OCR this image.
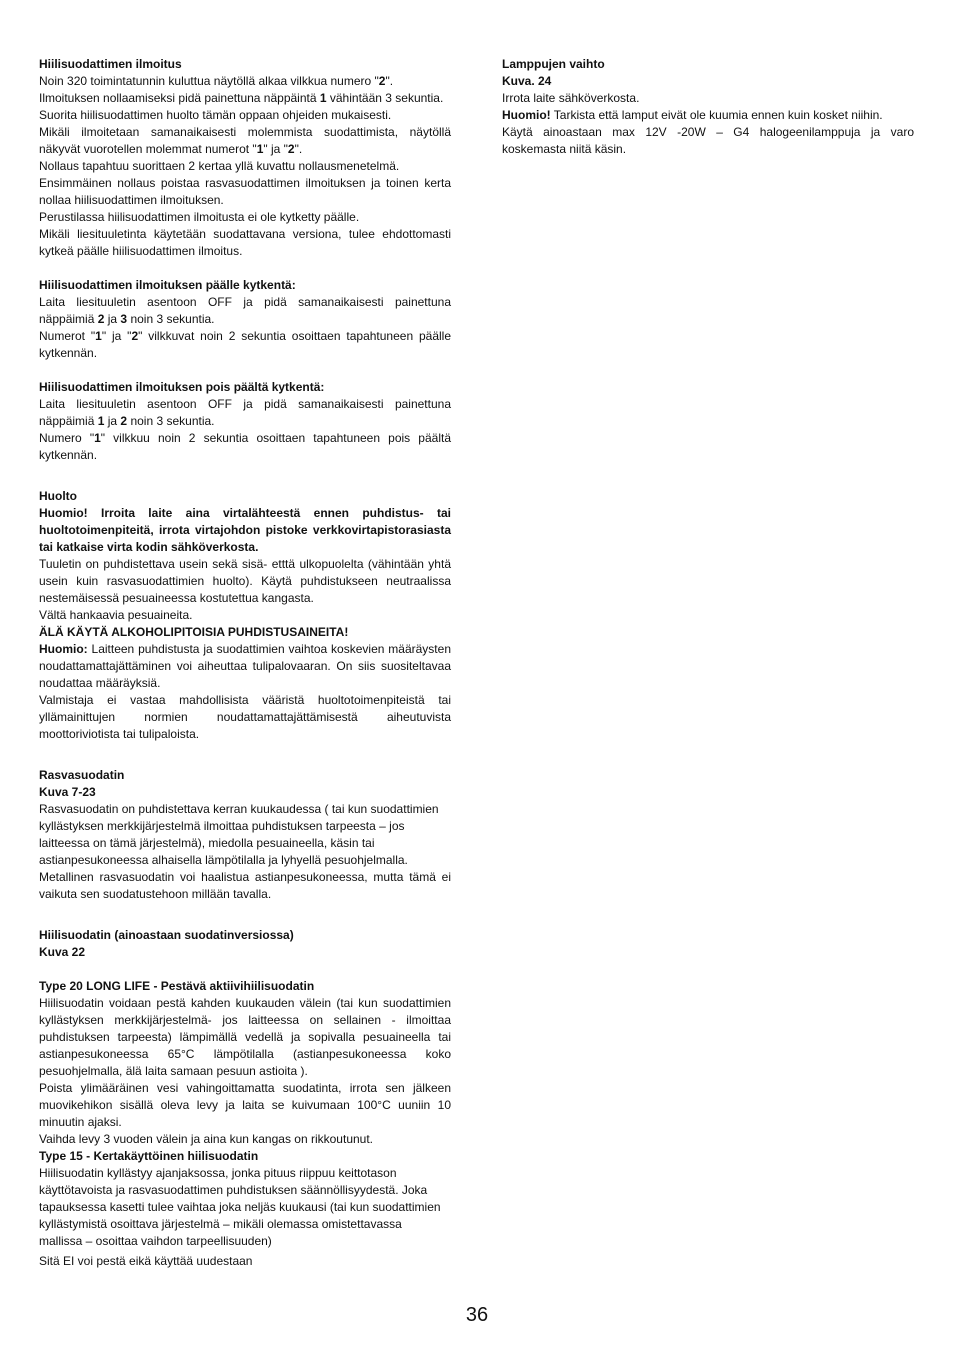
Hiilisuodattimen ilmoitus

Noin 320 toimintatunnin kuluttua näytöllä alkaa vilkkua numero "2".

Ilmoituksen nollaamiseksi pidä painettuna näppäintä 1 vähintään 3 sekuntia.

Suorita hiilisuodattimen huolto tämän oppaan ohjeiden mukaisesti.

Mikäli ilmoitetaan samanaikaisesti molemmista suodattimista, näytöllä näkyvät vuorotellen molemmat numerot "1" ja "2".

Nollaus tapahtuu suorittaen 2 kertaa yllä kuvattu nollausmenetelmä.

Ensimmäinen nollaus poistaa rasvasuodattimen ilmoituksen ja toinen kerta nollaa hiilisuodattimen ilmoituksen.

Perustilassa hiilisuodattimen ilmoitusta ei ole kytketty päälle.

Mikäli liesituuletinta käytetään suodattavana versiona, tulee ehdottomasti kytkeä päälle hiilisuodattimen ilmoitus.

Hiilisuodattimen ilmoituksen päälle kytkentä:

Laita liesituuletin asentoon OFF ja pidä samanaikaisesti painettuna näppäimiä 2 ja 3 noin 3 sekuntia.

Numerot "1" ja "2" vilkkuvat noin 2 sekuntia osoittaen tapahtuneen päälle kytkennän.

Hiilisuodattimen ilmoituksen pois päältä kytkentä:

Laita liesituuletin asentoon OFF ja pidä samanaikaisesti painettuna näppäimiä 1 ja 2 noin 3 sekuntia.

Numero "1" vilkkuu noin 2 sekuntia osoittaen tapahtuneen pois päältä kytkennän.

Huolto

Huomio! Irroita laite aina virtalähteestä ennen puhdistus- tai huoltotoimenpiteitä, irrota virtajohdon pistoke verkkovirtapistorasiasta tai katkaise virta kodin sähköverkosta.

Tuuletin on puhdistettava usein sekä sisä- etttä ulkopuolelta (vähintään yhtä usein kuin rasvasuodattimien huolto). Käytä puhdistukseen neutraalissa nestemäisessä pesuaineessa kostutettua kangasta.

Vältä hankaavia pesuaineita.

ÄLÄ KÄYTÄ ALKOHOLIPITOISIA PUHDISTUSAINEITA!

Huomio: Laitteen puhdistusta ja suodattimien vaihtoa koskevien määräysten noudattamattajättäminen voi aiheuttaa tulipalovaaran. On siis suositeltavaa noudattaa määräyksiä.

Valmistaja ei vastaa mahdollisista vääristä huoltotoimenpiteistä tai yllämainittujen normien noudattamattajättämisestä aiheutuvista moottoriviotista tai tulipaloista.

Rasvasuodatin

Kuva 7-23

Rasvasuodatin on puhdistettava kerran kuukaudessa ( tai kun suodattimien kyllästyksen merkkijärjestelmä ilmoittaa puhdistuksen tarpeesta – jos laitteessa on tämä järjestelmä), miedolla pesuaineella, käsin tai astianpesukoneessa alhaisella lämpötilalla ja lyhyellä pesuohjelmalla.

Metallinen rasvasuodatin voi haalistua astianpesukoneessa, mutta tämä ei vaikuta sen suodatustehoon millään tavalla.

Hiilisuodatin (ainoastaan suodatinversiossa)

Kuva 22

Type 20 LONG LIFE - Pestävä aktiivihiilisuodatin

Hiilisuodatin voidaan pestä kahden kuukauden välein (tai kun suodattimien kyllästyksen merkkijärjestelmä- jos laitteessa on sellainen - ilmoittaa puhdistuksen tarpeesta) lämpimällä vedellä ja sopivalla pesuaineella tai astianpesukoneessa 65°C lämpötilalla (astianpesukoneessa koko pesuohjelmalla, älä laita samaan pesuun astioita ).

Poista ylimääräinen vesi vahingoittamatta suodatinta, irrota sen jälkeen muovikehikon sisällä oleva levy ja laita se kuivumaan 100°C uuniin 10 minuutin ajaksi.

Vaihda levy 3 vuoden välein ja aina kun kangas on rikkoutunut.

Type 15 - Kertakäyttöinen hiilisuodatin

Hiilisuodatin kyllästyy ajanjaksossa, jonka pituus riippuu keittotason käyttötavoista ja rasvasuodattimen puhdistuksen säännöllisyydestä. Joka tapauksessa kasetti tulee vaihtaa joka neljäs kuukausi (tai kun suodattimien kyllästymistä osoittava järjestelmä – mikäli olemassa omistettavassa mallissa – osoittaa vaihdon tarpeellisuuden)

Sitä EI voi pestä eikä käyttää uudestaan

Lamppujen vaihto

Kuva. 24

Irrota laite sähköverkosta.

Huomio! Tarkista että lamput eivät ole kuumia ennen kuin kosket niihin.

Käytä ainoastaan max 12V -20W – G4 halogeenilamppuja ja varo koskemasta niitä käsin.

36
